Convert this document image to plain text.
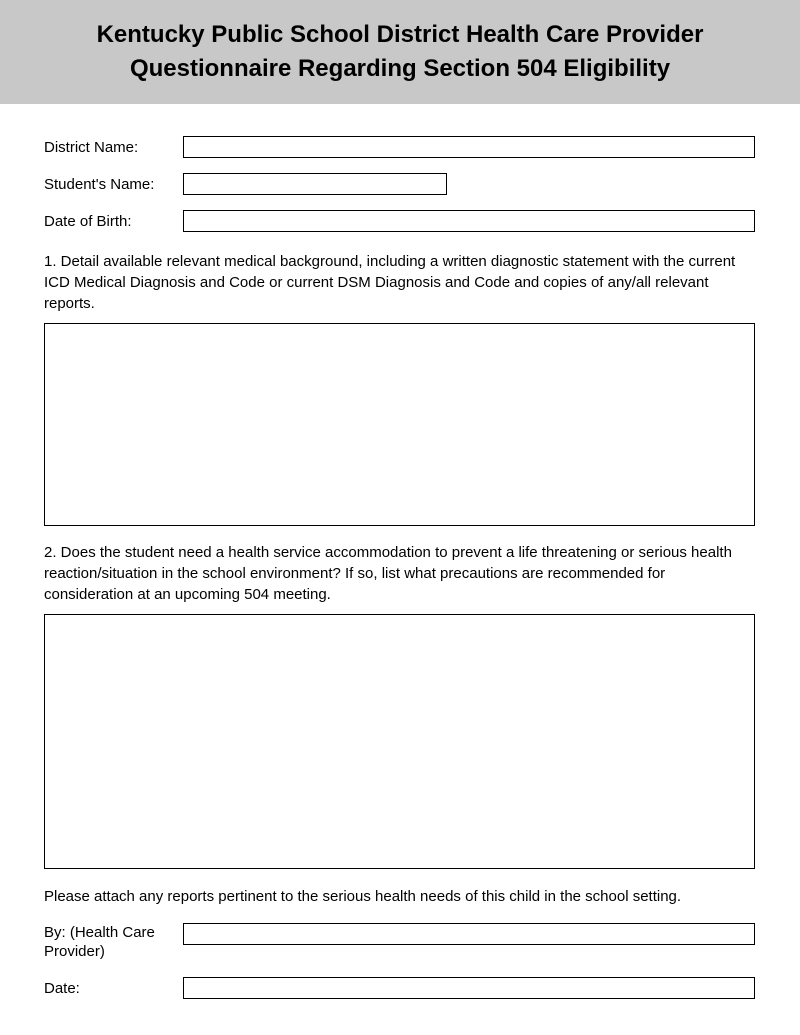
Kentucky Public School District Health Care Provider
Questionnaire Regarding Section 504 Eligibility
District Name:
Student's Name:
Date of Birth:

1. Detail available relevant medical background, including a written diagnostic statement with the current ICD Medical Diagnosis and Code or current DSM Diagnosis and Code and copies of any/all relevant reports.

2. Does the student need a health service accommodation to prevent a life threatening or serious health reaction/situation in the school environment? If so, list what precautions are recommended for consideration at an upcoming 504 meeting.

Please attach any reports pertinent to the serious health needs of this child in the school setting.

By: (Health Care Provider)
Date:
